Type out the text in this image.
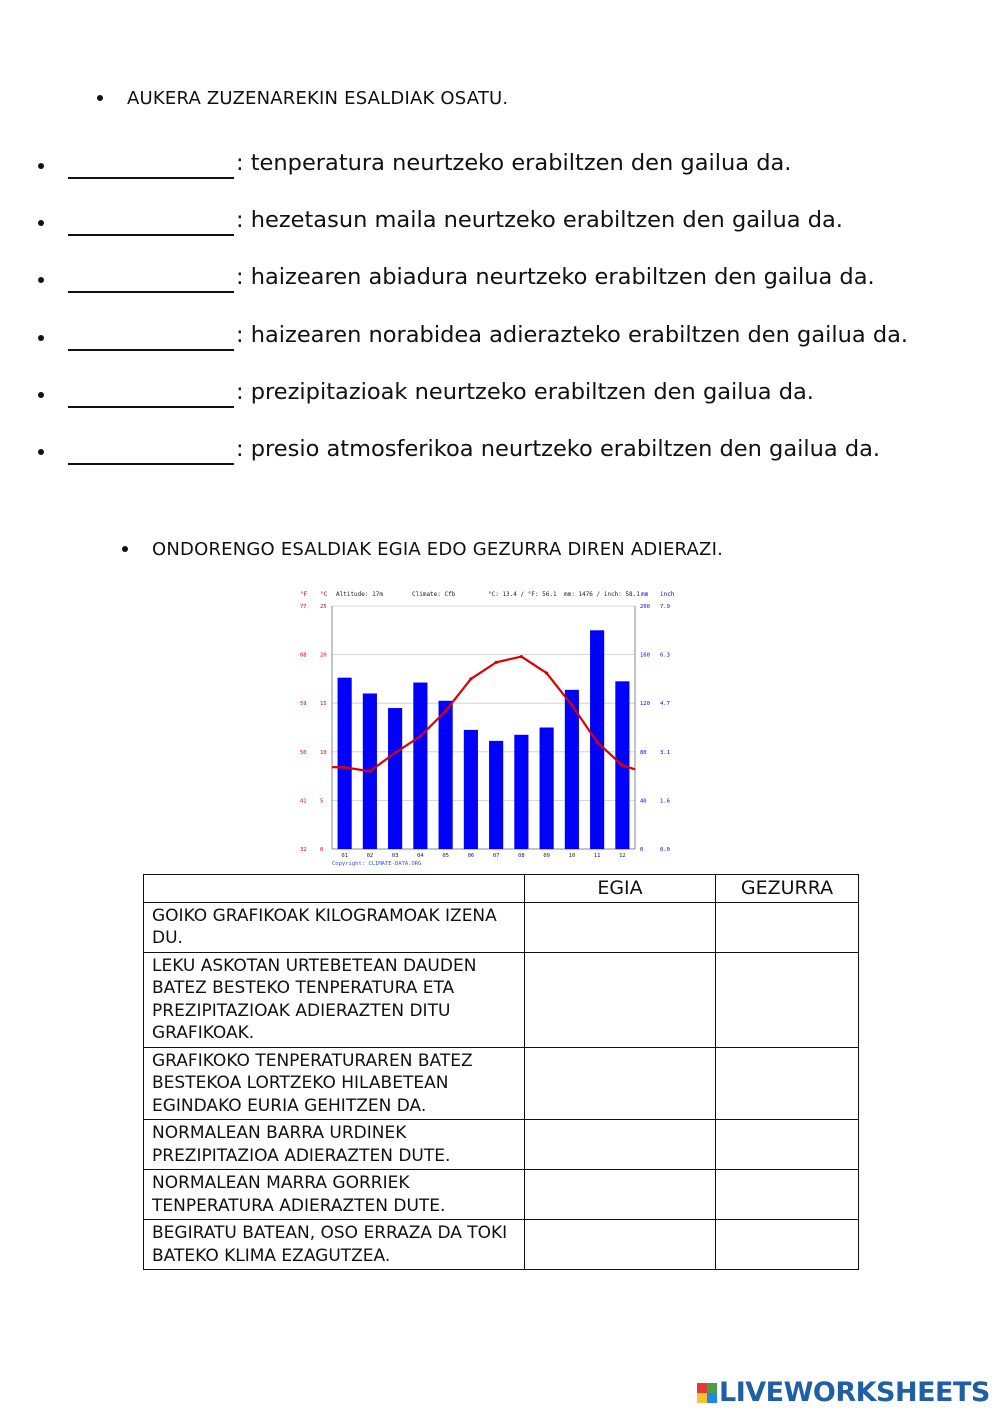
AUKERA ZUZENAREKIN ESALDIAK OSATU.
: tenperatura neurtzeko erabiltzen den gailua da.
: hezetasun maila neurtzeko erabiltzen den gailua da.
: haizearen abiadura neurtzeko erabiltzen den gailua da.
: haizearen norabidea adierazteko erabiltzen den gailua da.
: prezipitazioak neurtzeko erabiltzen den gailua da.
: presio atmosferikoa neurtzeko erabiltzen den gailua da.
ONDORENGO ESALDIAK EGIA EDO GEZURRA DIREN ADIERAZI.
°F °C Altitude: 17m	Climate: Cfb	°C: 13.4 / °F: 56.1 mm: 1476 / inch: 58.1 mm inch
32 0
41 5
50 10
59 15
68 20
77 25
0	0.0
40 1.6
80 3.1
120 4.7
160 6.3
200 7.9
01	02	03	04	05	06	07	08	09	10	11	12
Copyright: CLIMATE-DATA.ORG
	EGIA	GEZURRA
GOIKO GRAFIKOAK KILOGRAMOAK IZENA DU.		
LEKU ASKOTAN URTEBETEAN DAUDEN BATEZ BESTEKO TENPERATURA ETA PREZIPITAZIOAK ADIERAZTEN DITU GRAFIKOAK.		
GRAFIKOKO TENPERATURAREN BATEZ BESTEKOA LORTZEKO HILABETEAN EGINDAKO EURIA GEHITZEN DA.		
NORMALEAN BARRA URDINEK PREZIPITAZIOA ADIERAZTEN DUTE.		
NORMALEAN MARRA GORRIEK TENPERATURA ADIERAZTEN DUTE.		
BEGIRATU BATEAN, OSO ERRAZA DA TOKI BATEKO KLIMA EZAGUTZEA.		
LIVEWORKSHEETS
